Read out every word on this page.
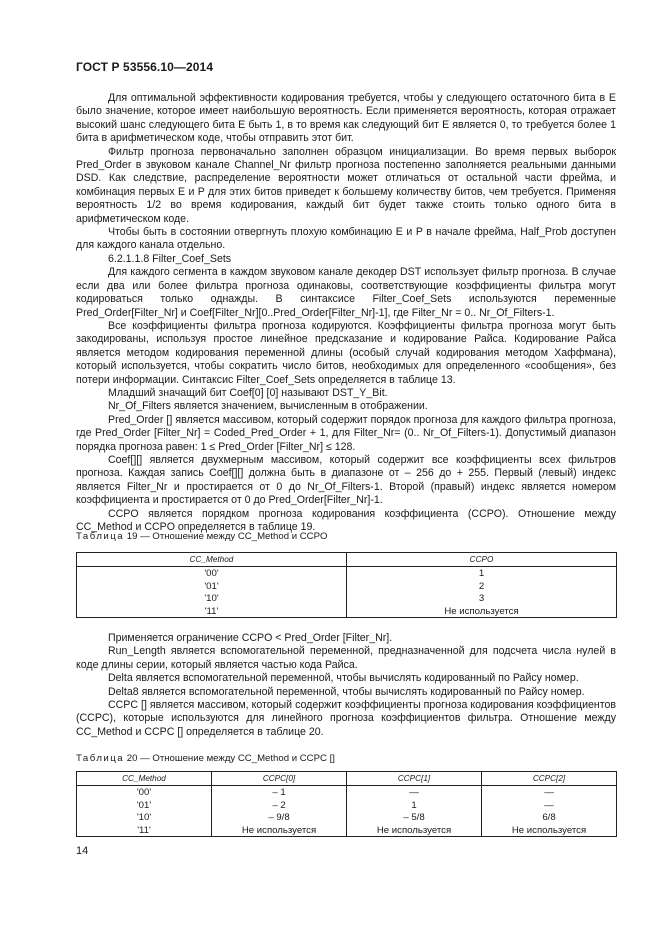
ГОСТ Р 53556.10—2014

Для оптимальной эффективности кодирования требуется, чтобы у следующего остаточного бита в E было значение, которое имеет наибольшую вероятность. Если применяется вероятность, которая отражает высокий шанс следующего бита E быть 1, в то время как следующий бит E является 0, то требуется более 1 бита в арифметическом коде, чтобы отправить этот бит.

Фильтр прогноза первоначально заполнен образцом инициализации. Во время первых выборок Pred_Order в звуковом канале Channel_Nr фильтр прогноза постепенно заполняется реальными данными DSD. Как следствие, распределение вероятности может отличаться от остальной части фрейма, и комбинация первых E и P для этих битов приведет к большему количеству битов, чем требуется. Применяя вероятность 1/2 во время кодирования, каждый бит будет также стоить только одного бита в арифметическом коде.

Чтобы быть в состоянии отвергнуть плохую комбинацию E и P в начале фрейма, Half_Prob доступен для каждого канала отдельно.

6.2.1.1.8 Filter_Coef_Sets

Для каждого сегмента в каждом звуковом канале декодер DST использует фильтр прогноза. В случае если два или более фильтра прогноза одинаковы, соответствующие коэффициенты фильтра могут кодироваться только однажды. В синтаксисе Filter_Coef_Sets используются переменные Pred_Order[Filter_Nr] и Coef[Filter_Nr][0..Pred_Order[Filter_Nr]-1], где Filter_Nr = 0.. Nr_Of_Filters-1.

Все коэффициенты фильтра прогноза кодируются. Коэффициенты фильтра прогноза могут быть закодированы, используя простое линейное предсказание и кодирование Райса. Кодирование Райса является методом кодирования переменной длины (особый случай кодирования методом Хаффмана), который используется, чтобы сократить число битов, необходимых для определенного «сообщения», без потери информации. Синтаксис Filter_Coef_Sets определяется в таблице 13.

Младший значащий бит Coef[0] [0] называют DST_Y_Bit.

Nr_Of_Filters является значением, вычисленным в отображении.

Pred_Order [] является массивом, который содержит порядок прогноза для каждого фильтра прогноза, где Pred_Order [Filter_Nr] = Coded_Pred_Order + 1, для Filter_Nr= (0.. Nr_Of_Filters-1). Допустимый диапазон порядка прогноза равен: 1 ≤ Pred_Order [Filter_Nr] ≤ 128.

Coef[][] является двухмерным массивом, который содержит все коэффициенты всех фильтров прогноза. Каждая запись Coef[][] должна быть в диапазоне от – 256 до + 255. Первый (левый) индекс является Filter_Nr и простирается от 0 до Nr_Of_Filters-1. Второй (правый) индекс является номером коэффициента и простирается от 0 до Pred_Order[Filter_Nr]-1.

CCPO является порядком прогноза кодирования коэффициента (CCPO). Отношение между CC_Method и CCPO определяется в таблице 19.

Таблица 19 — Отношение между CC_Method и CCPO
CC_Method	CCPO
'00'	1
'01'	2
'10'	3
'11'	Не используется

Применяется ограничение CCPO < Pred_Order [Filter_Nr].

Run_Length является вспомогательной переменной, предназначенной для подсчета числа нулей в коде длины серии, который является частью кода Райса.

Delta является вспомогательной переменной, чтобы вычислять кодированный по Райсу номер.

Delta8 является вспомогательной переменной, чтобы вычислять кодированный по Райсу номер.

CCPC [] является массивом, который содержит коэффициенты прогноза кодирования коэффициентов (CCPC), которые используются для линейного прогноза коэффициентов фильтра. Отношение между CC_Method и CCPC [] определяется в таблице 20.

Таблица 20 — Отношение между CC_Method и CCPC []
CC_Method	CCPC[0]	CCPC[1]	CCPC[2]
'00'	– 1	—	—
'01'	– 2	1	—
'10'	– 9/8	– 5/8	6/8
'11'	Не используется	Не используется	Не используется
14
